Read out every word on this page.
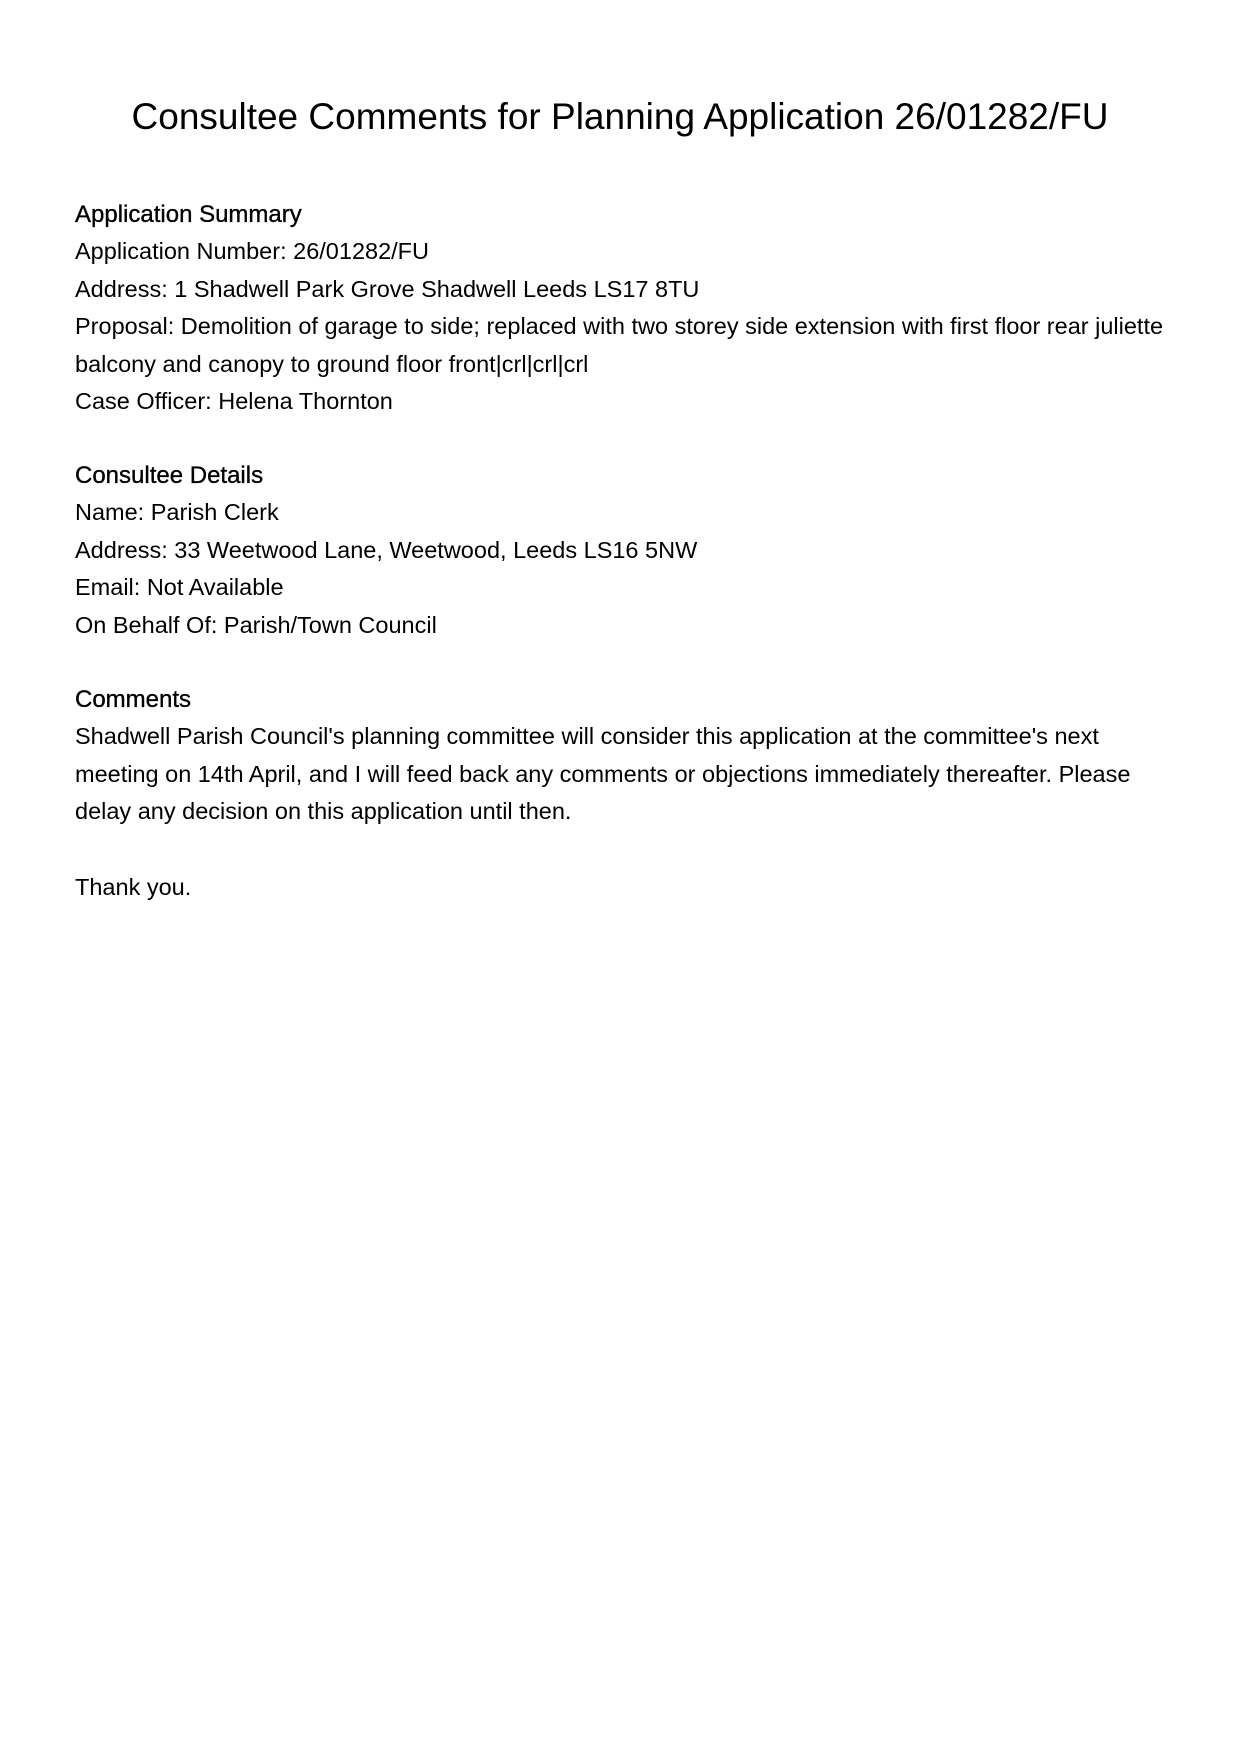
Consultee Comments for Planning Application 26/01282/FU
Application Summary

Application Number: 26/01282/FU

Address: 1 Shadwell Park Grove Shadwell Leeds LS17 8TU

Proposal: Demolition of garage to side; replaced with two storey side extension with first floor rear juliette balcony and canopy to ground floor front|crl|crl|crl

Case Officer: Helena Thornton

Consultee Details

Name: Parish Clerk

Address: 33 Weetwood Lane, Weetwood, Leeds LS16 5NW

Email: Not Available

On Behalf Of: Parish/Town Council

Comments

Shadwell Parish Council's planning committee will consider this application at the committee's next meeting on 14th April, and I will feed back any comments or objections immediately thereafter. Please delay any decision on this application until then.

Thank you.
